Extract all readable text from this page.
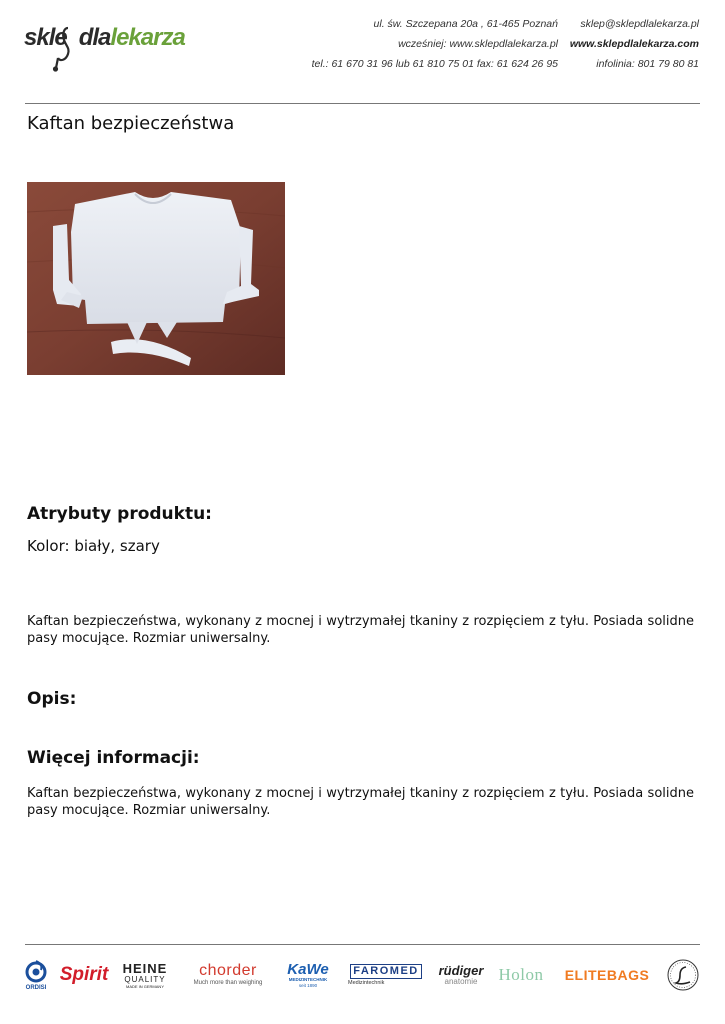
skle dlalekarza	ul. św. Szczepana 20a , 61-465 Poznań
wcześniej: www.sklepdlalekarza.pl
tel.: 61 670 31 96 lub 61 810 75 01 fax: 61 624 26 95
sklep@sklepdlalekarza.pl
www.sklepdlalekarza.com
infolinia: 801 79 80 81
Kaftan bezpieczeństwa
Atrybuty produktu:
Kolor: biały, szary

Kaftan bezpieczeństwa, wykonany z mocnej i wytrzymałej tkaniny z rozpięciem z tyłu. Posiada solidne pasy mocujące. Rozmiar uniwersalny.

Opis:
Więcej informacji:

Kaftan bezpieczeństwa, wykonany z mocnej i wytrzymałej tkaniny z rozpięciem z tyłu. Posiada solidne pasy mocujące. Rozmiar uniwersalny.

ORDISI
Spirit HEINE
QUALITY
MADE IN GERMANY
chorder
Much more than weighing
KaWe
MEDIZINTECHNIK
seit 1890
FAROMED
Medizintechnik
rüdiger
anatomie Holon	ELITEBAGS
